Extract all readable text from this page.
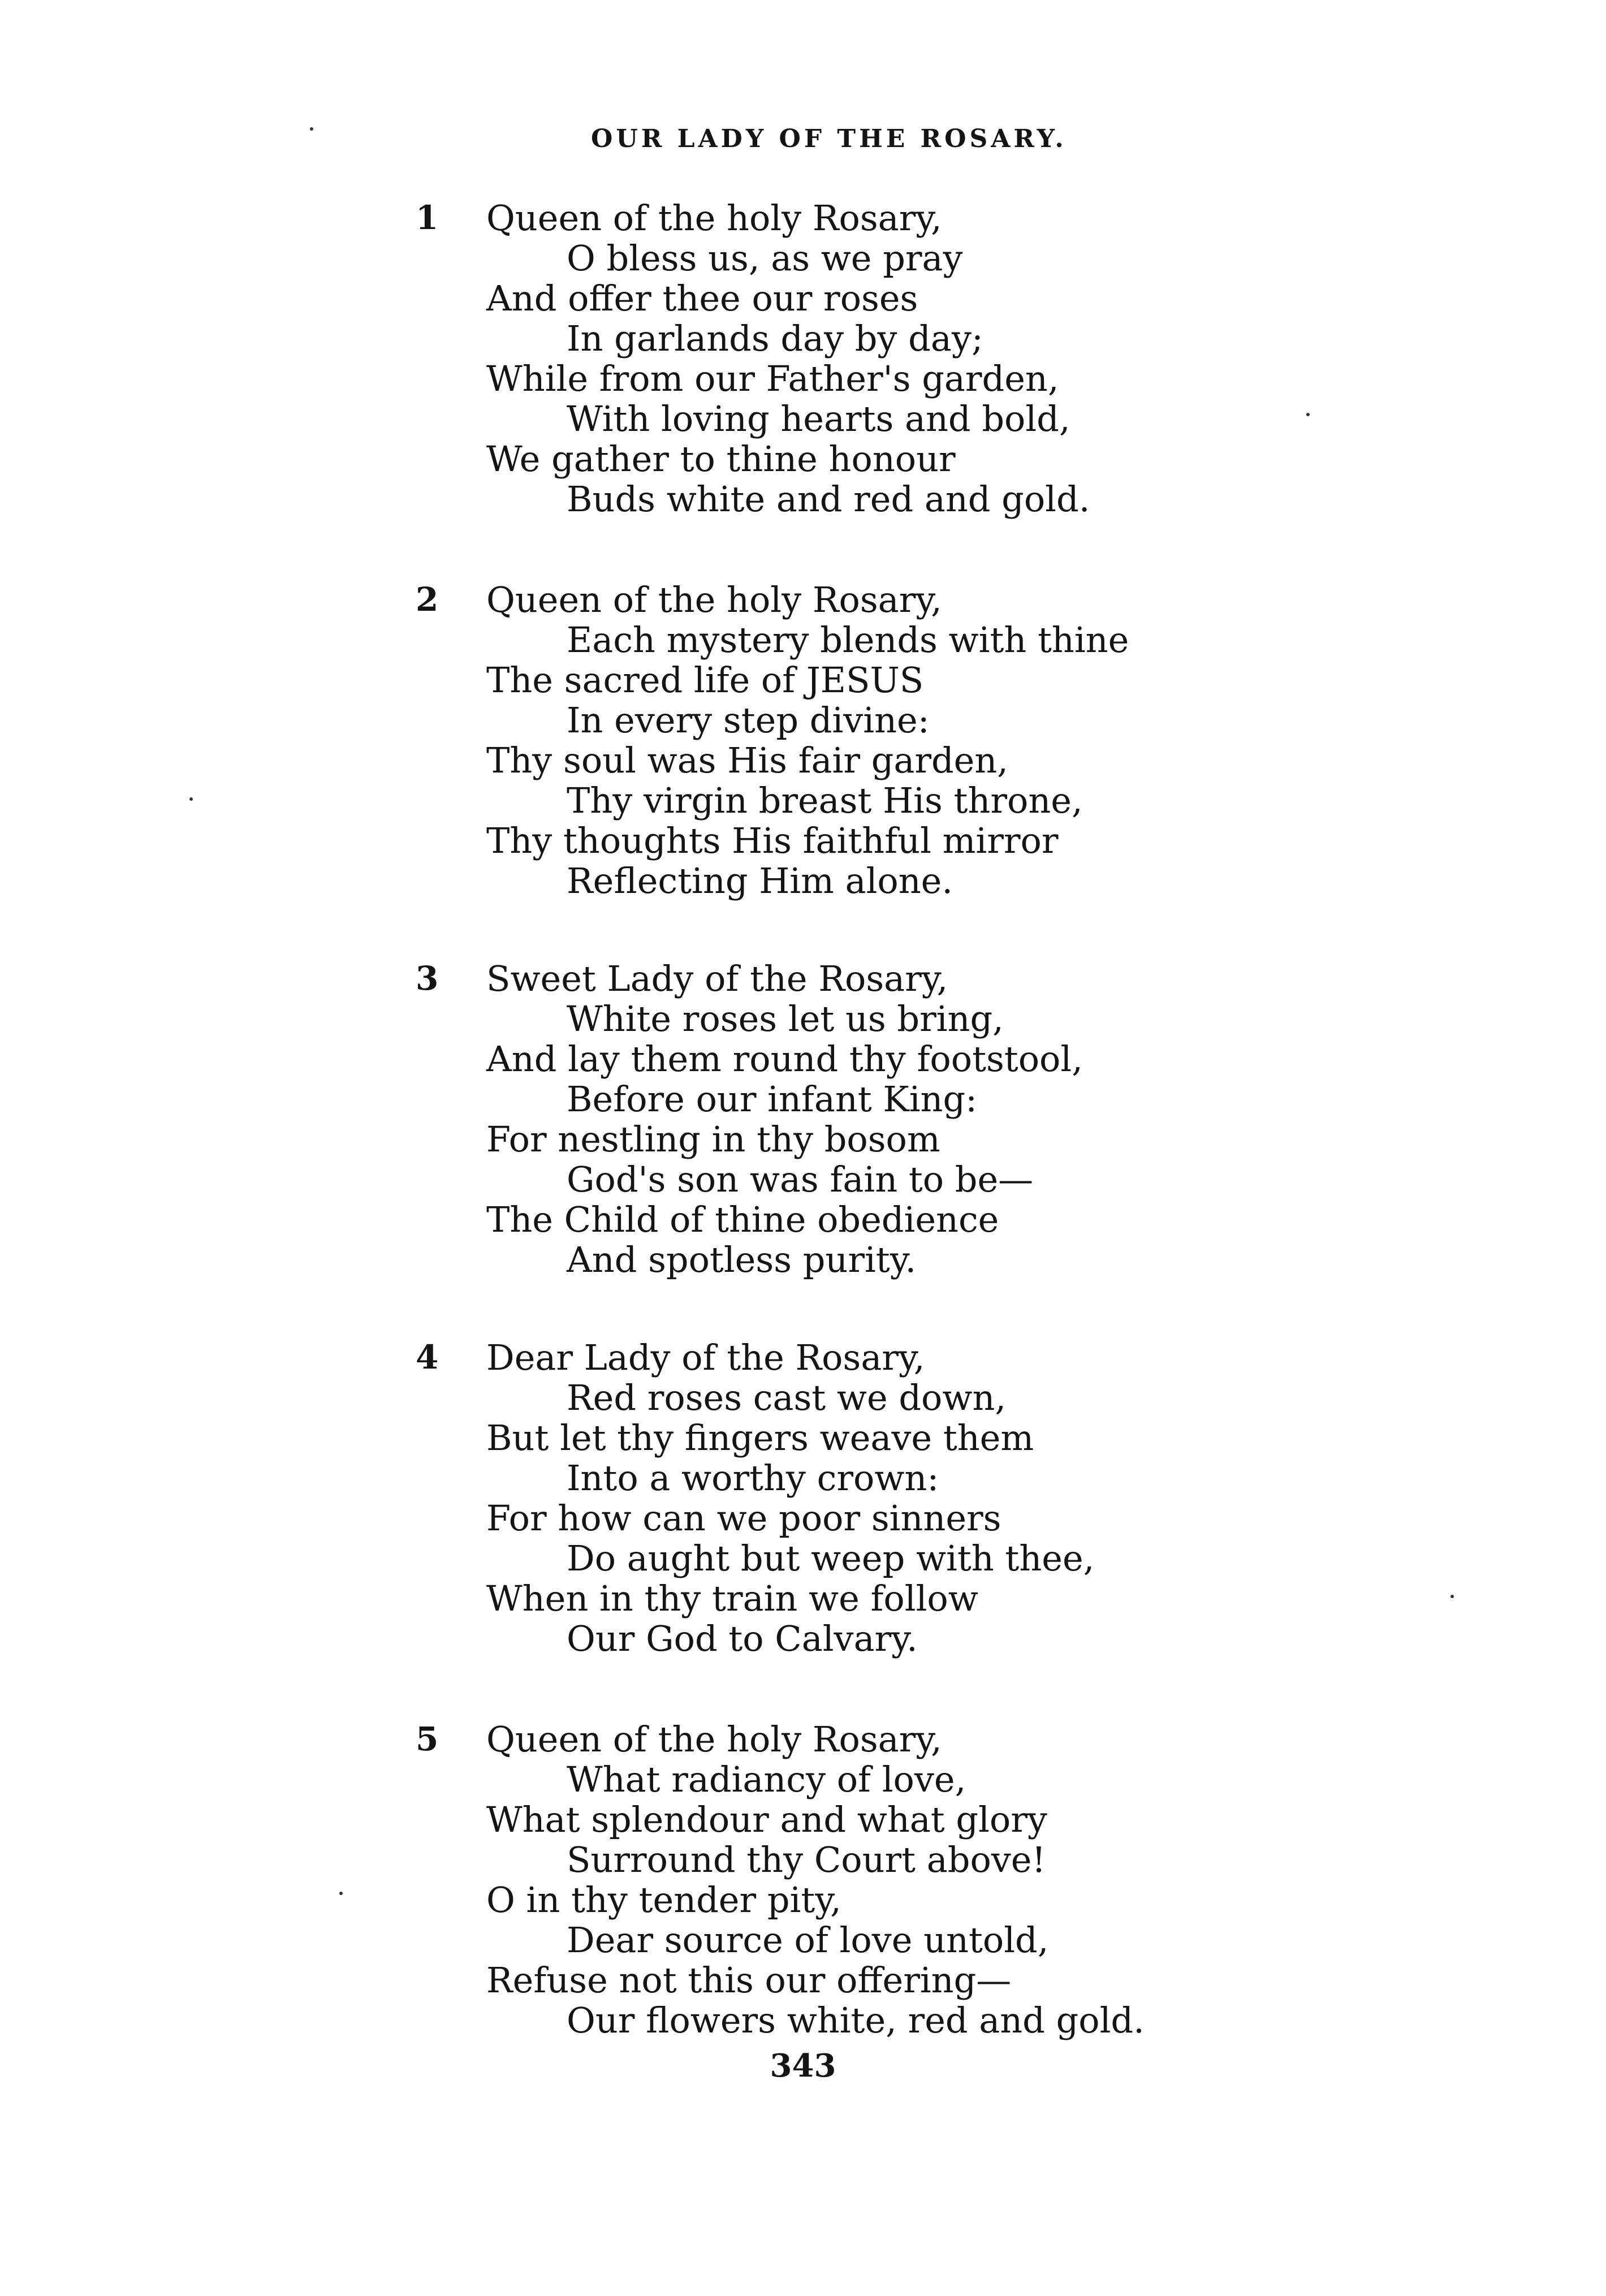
OUR LADY OF THE ROSARY.
1 Queen of the holy Rosary,
O bless us, as we pray
And offer thee our roses
In garlands day by day;
While from our Father's garden,
With loving hearts and bold,
We gather to thine honour
Buds white and red and gold.
2 Queen of the holy Rosary,
Each mystery blends with thine
The sacred life of JESUS
In every step divine:
Thy soul was His fair garden,
Thy virgin breast His throne,
Thy thoughts His faithful mirror
Reflecting Him alone.
3 Sweet Lady of the Rosary,
White roses let us bring,
And lay them round thy footstool,
Before our infant King:
For nestling in thy bosom
God's son was fain to be—
The Child of thine obedience
And spotless purity.
4 Dear Lady of the Rosary,
Red roses cast we down,
But let thy fingers weave them
Into a worthy crown:
For how can we poor sinners
Do aught but weep with thee,
When in thy train we follow
Our God to Calvary.
5 Queen of the holy Rosary,
What radiancy of love,
What splendour and what glory
Surround thy Court above!
O in thy tender pity,
Dear source of love untold,
Refuse not this our offering—
Our flowers white, red and gold.
343
